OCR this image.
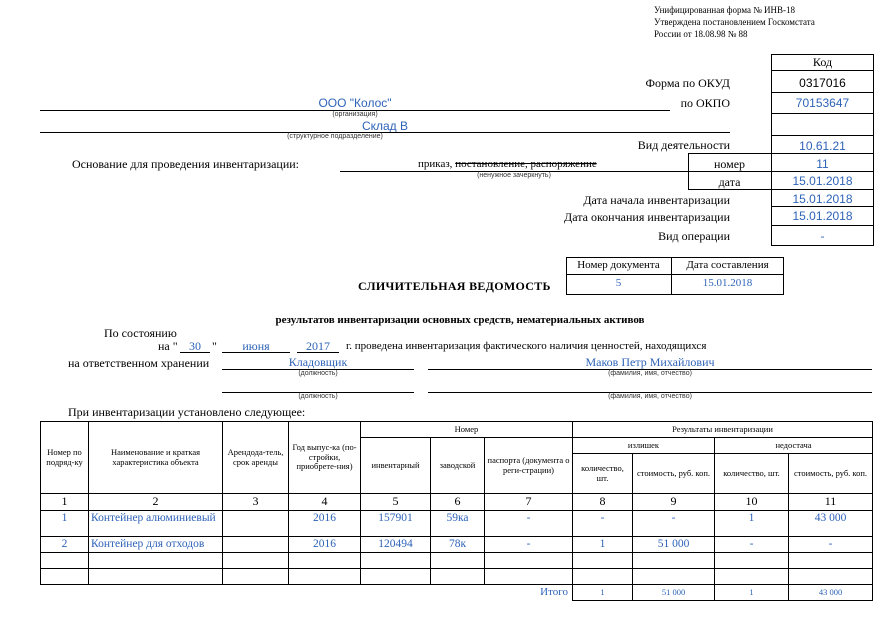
Унифицированная форма № ИНВ-18
Утверждена постановлением Госкомстата
России от 18.08.98 № 88
Код
Форма по ОКУД	0317016
по ОКПО	70153647
Вид деятельности	10.61.21
номер	11
дата	15.01.2018
Дата начала инвентаризации	15.01.2018
Дата окончания инвентаризации	15.01.2018
Вид операции	-
ООО "Колос"
(организация)
Склад В
(структурное подразделение)
Основание для проведения инвентаризации:	приказ, постановление, распоряжение
(ненужное зачеркнуть)
Номер документа	Дата составления
5	15.01.2018
СЛИЧИТЕЛЬНАЯ ВЕДОМОСТЬ
результатов инвентаризации основных средств, нематериальных активов
По состоянию
на " 30 "	июня	2017	г. проведена инвентаризация фактического наличия ценностей, находящихся
на ответственном хранении	Кладовщик
(должность)
Маков Петр Михайлович
(фамилия, имя, отчество)
(должность)	(фамилия, имя, отчество)
При инвентаризации установлено следующее:
Номер по подряд-ку	Наименование и краткая характеристика объекта	Арендода-тель, срок аренды	Год выпус-ка (по-стройки, приобрете-ния)	Номер			Результаты инвентаризации			
				инвентарный	заводской	паспорта (документа о реги-страции)	излишек		недостача	
							количество, шт.	стоимость, руб. коп.	количество, шт.	стоимость, руб. коп.
1	2	3	4	5	6	7	8	9	10	11
1	Контейнер алюминиевый		2016	157901	59ка	-	-	-	1	43 000
2	Контейнер для отходов		2016	120494	78к	-	1	51 000	-	-

Итого							1	51 000	1	43 000
